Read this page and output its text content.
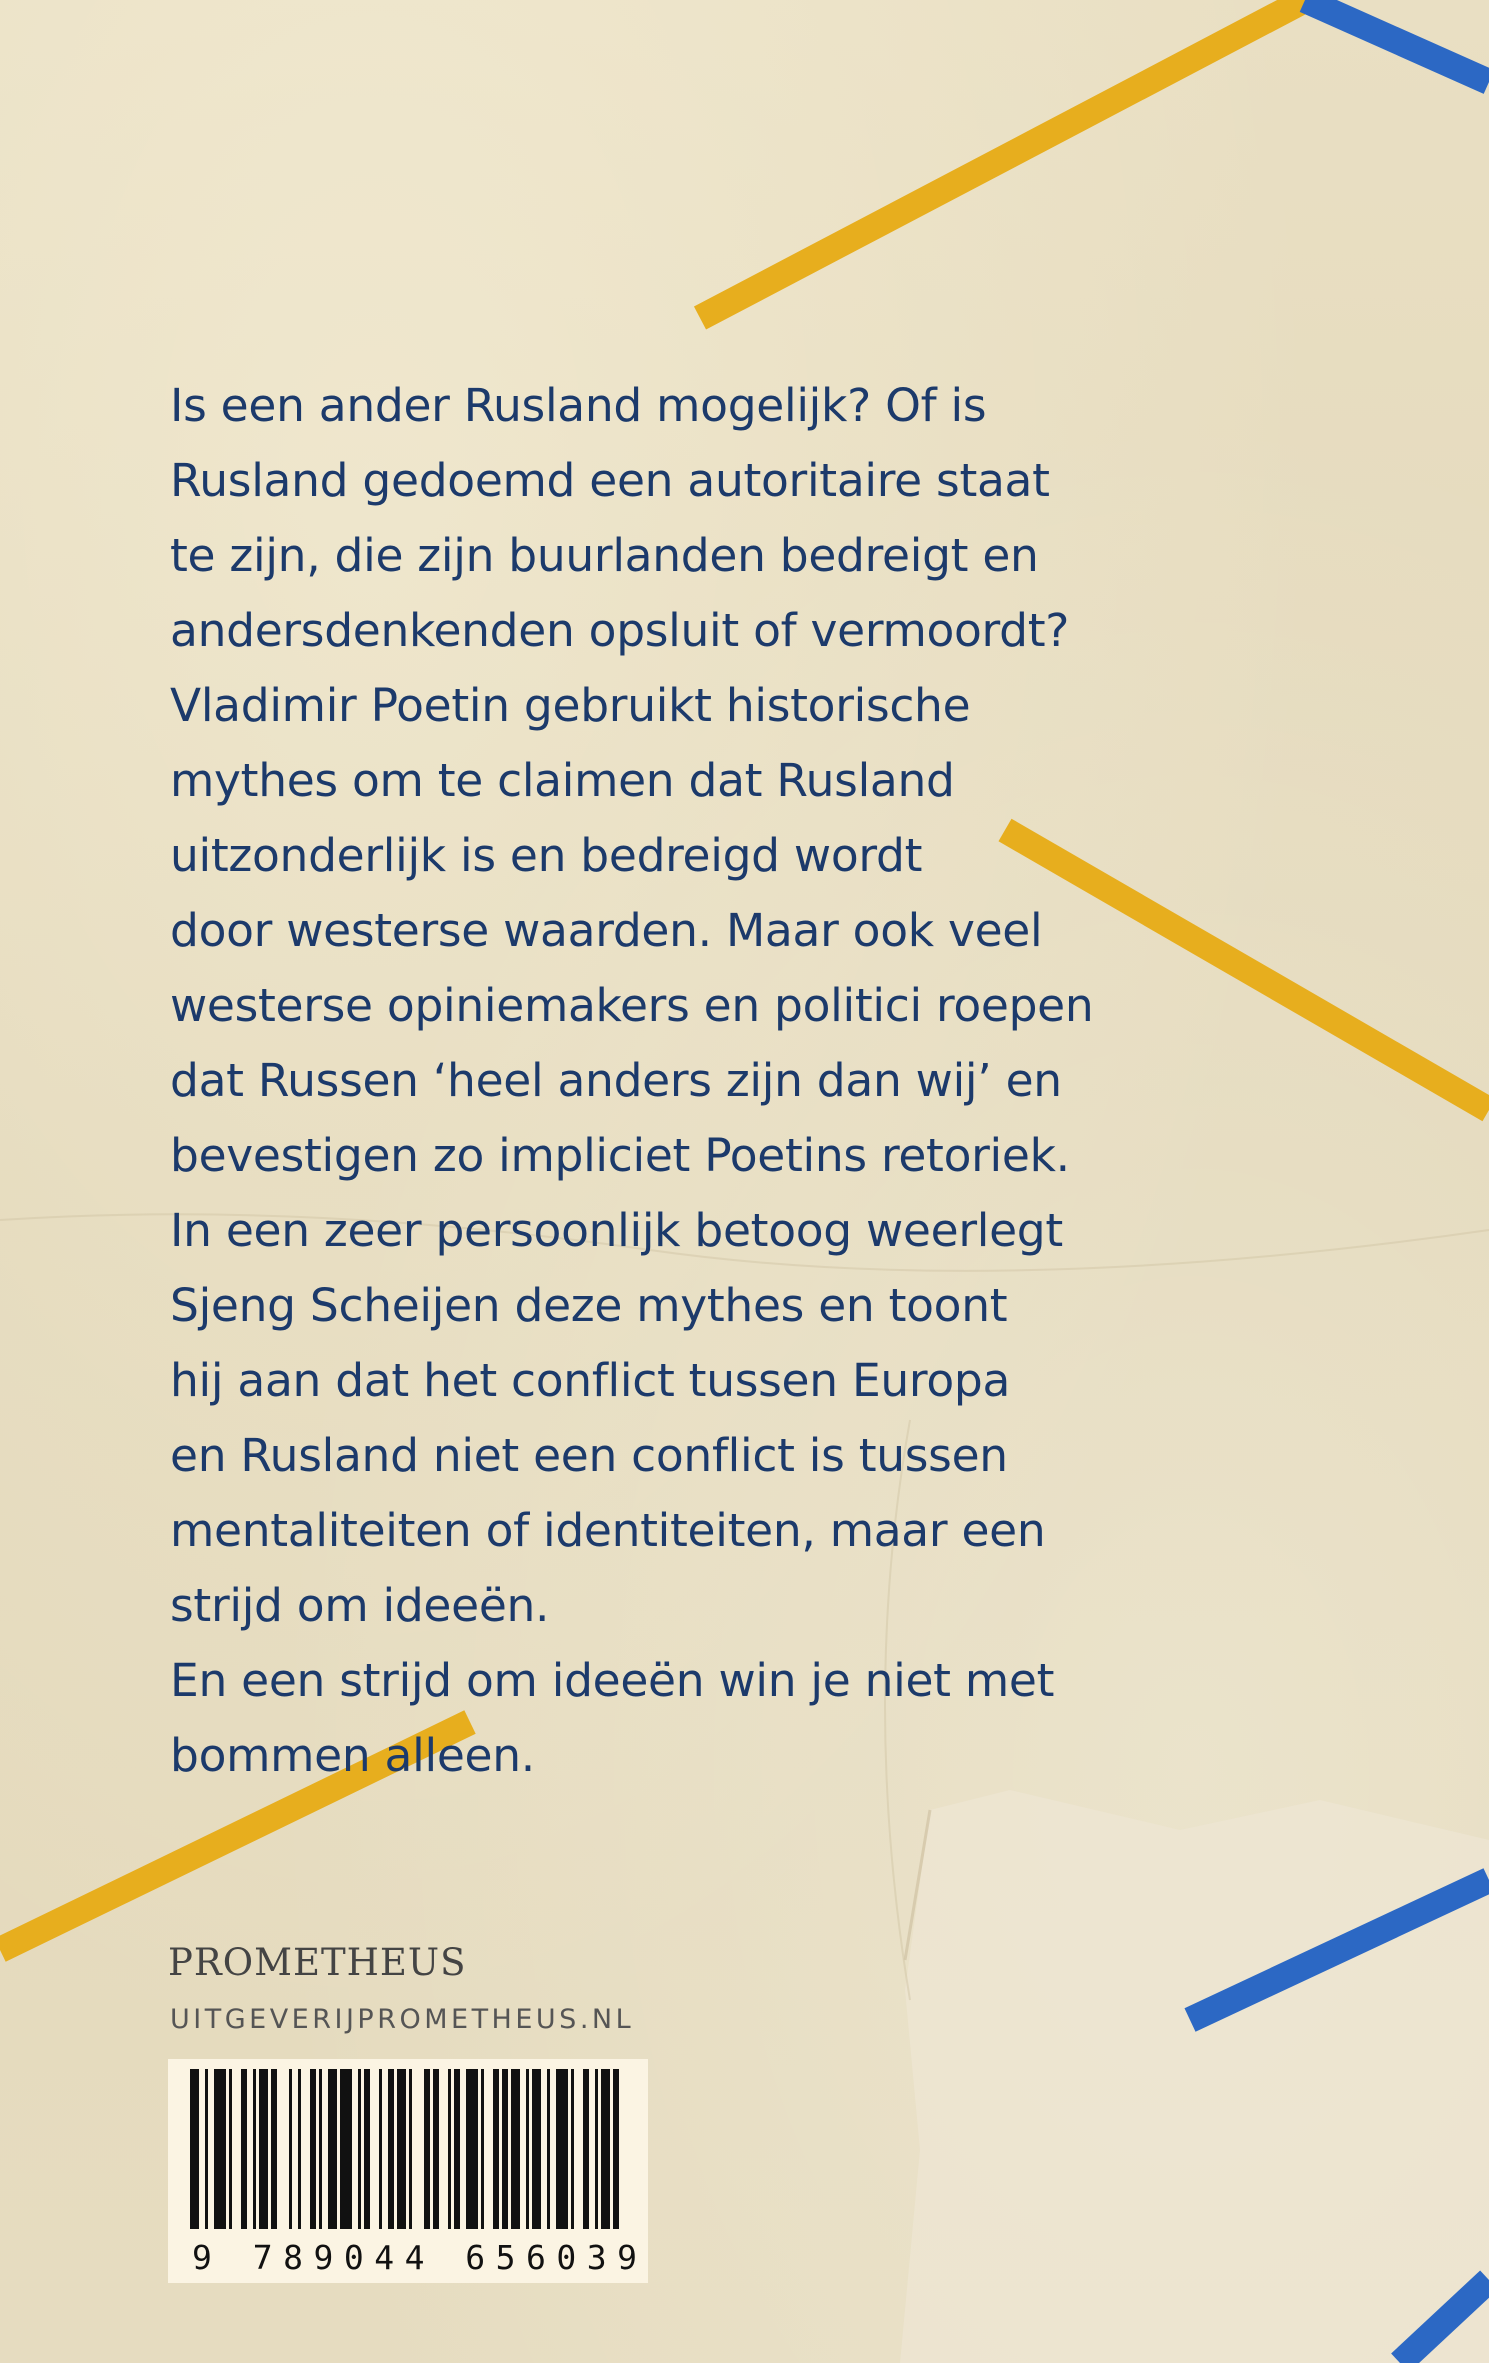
Is een ander Rusland mogelijk? Of is
Rusland gedoemd een autoritaire staat
te zijn, die zijn buurlanden bedreigt en
andersdenkenden opsluit of vermoordt?
Vladimir Poetin gebruikt historische
mythes om te claimen dat Rusland
uitzonderlijk is en bedreigd wordt
door westerse waarden. Maar ook veel
westerse opiniemakers en politici roepen
dat Russen ‘heel anders zijn dan wij’ en
bevestigen zo impliciet Poetins retoriek.
In een zeer persoonlijk betoog weerlegt
Sjeng Scheijen deze mythes en toont
hij aan dat het conflict tussen Europa
en Rusland niet een conflict is tussen
mentaliteiten of identiteiten, maar een
strijd om ideeën.
En een strijd om ideeën win je niet met
bommen alleen.
PROMETHEUS
UITGEVERIJPROMETHEUS.NL
9 789044 656039
